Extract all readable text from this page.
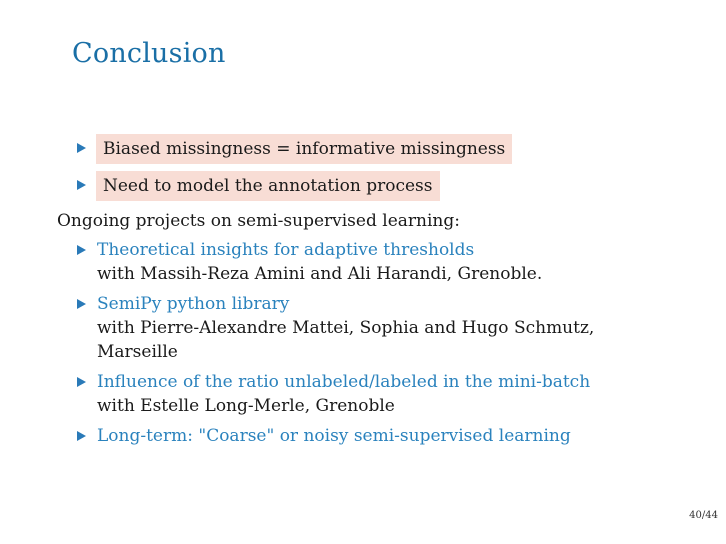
Conclusion
Biased missingness = informative missingness
Need to model the annotation process
Ongoing projects on semi-supervised learning:
Theoretical insights for adaptive thresholds
with Massih-Reza Amini and Ali Harandi, Grenoble.
SemiPy python library
with Pierre-Alexandre Mattei, Sophia and Hugo Schmutz,
Marseille
Influence of the ratio unlabeled/labeled in the mini-batch
with Estelle Long-Merle, Grenoble
Long-term: "Coarse" or noisy semi-supervised learning
40/44
